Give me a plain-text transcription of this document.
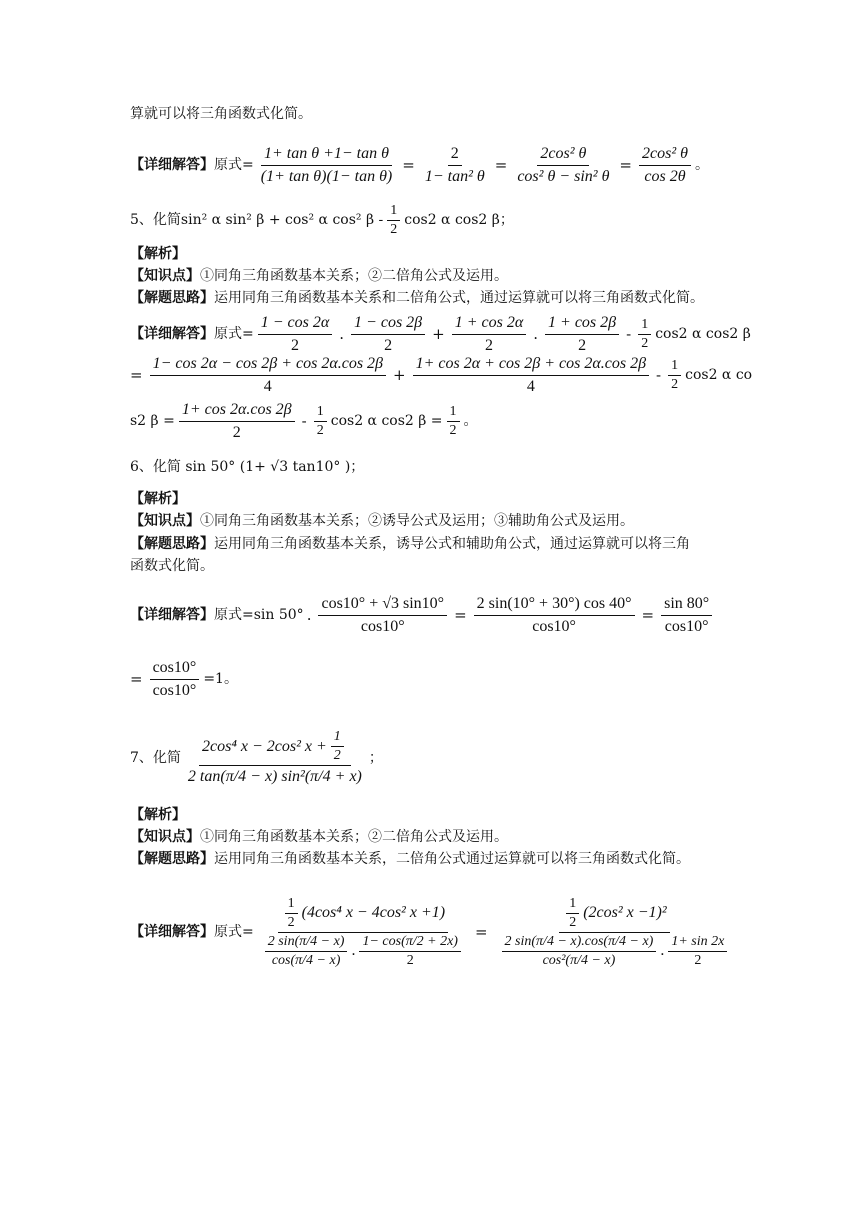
算就可以将三角函数式化简。
【详细解答】 原式= $\frac{\text{1+ tan θ +1− tan θ}}{\text{(1+ tan θ)(1− tan θ)}} = \frac{2}{\text{1− tan² θ}} = \frac{\text{2cos² θ}}{\text{cos² θ − sin² θ}} = \frac{\text{2cos² θ}}{\cos 2\theta}$ 。
5、化简sin² α sin² β + cos² α cos² β - $\frac{1}{2} \cos 2$ α cos2 β；
【解析】
【知识点】①同角三角函数基本关系；②二倍角公式及运用。
【解题思路】运用同角三角函数基本关系和二倍角公式，通过运算就可以将三角函数式化简。
【详细解答】 原式= $\frac{1 - \cos 2\alpha}{2}$ . $\frac{1 - \cos 2\beta}{2} + \frac{1 + \cos 2\alpha}{2}$ . $\frac{1 + \cos 2\beta}{2} - \frac{1}{2} \cos 2$ α cos2 β
= $\frac{1- \cos 2\alpha - \cos 2\beta + \cos 2\alpha.\cos 2\beta}{4} + \frac{1+ \cos 2\alpha + \cos 2\beta + \cos 2\alpha.\cos 2\beta}{4} - \frac{1}{2} \cos 2$ α co
s2 $\beta = \frac{1+ \cos 2\alpha.\cos 2\beta}{2} - \frac{1}{2} \cos 2$ α cos2 $\beta = \frac{1}{2}$ 。
6、化简 sin 50° (1+ √3 tan10° )；
【解析】
【知识点】①同角三角函数基本关系；②诱导公式及运用；③辅助角公式及运用。
【解题思路】运用同角三角函数基本关系，诱导公式和辅助角公式，通过运算就可以将三角
函数式化简。
【详细解答】 原式= sin 50° . $\frac{\cos 10^\circ + √3 \sin 10^\circ}{\cos 10^\circ} = \frac{2 \sin(10^\circ + 30^\circ) \cos 40^\circ}{\cos 10^\circ} = \frac{\sin 80^\circ}{\cos 10^\circ}$
= $\frac{\cos 10^\circ}{\cos 10^\circ} =1$。
7、化简 $\frac{2\cos^4 x - 2\cos^2 x + \frac{1}{2}}{\text{2 tan(π/4 − x) sin²(π/4 + x)}}$ ；
【解析】
【知识点】①同角三角函数基本关系；②二倍角公式及运用。
【解题思路】运用同角三角函数基本关系，二倍角公式通过运算就可以将三角函数式化简。
【详细解答】 原式=
$\frac{1}{2} (4\cos^4$ x − 4cos² x +1)
$\frac{2 \sin(\pi/4 - x)}{\cos(\pi/4 - x)}$ . $\frac{1- \cos(\pi/2 + 2x)}{2}$
=
$\frac{1}{2} (2\cos^2$ x −1)²
$\frac{2 \sin(\pi/4 - x).\cos(\pi/4 - x)}{\text{cos²(π/4 − x)}}$ . $\frac{1+ \sin 2x}{2}$
